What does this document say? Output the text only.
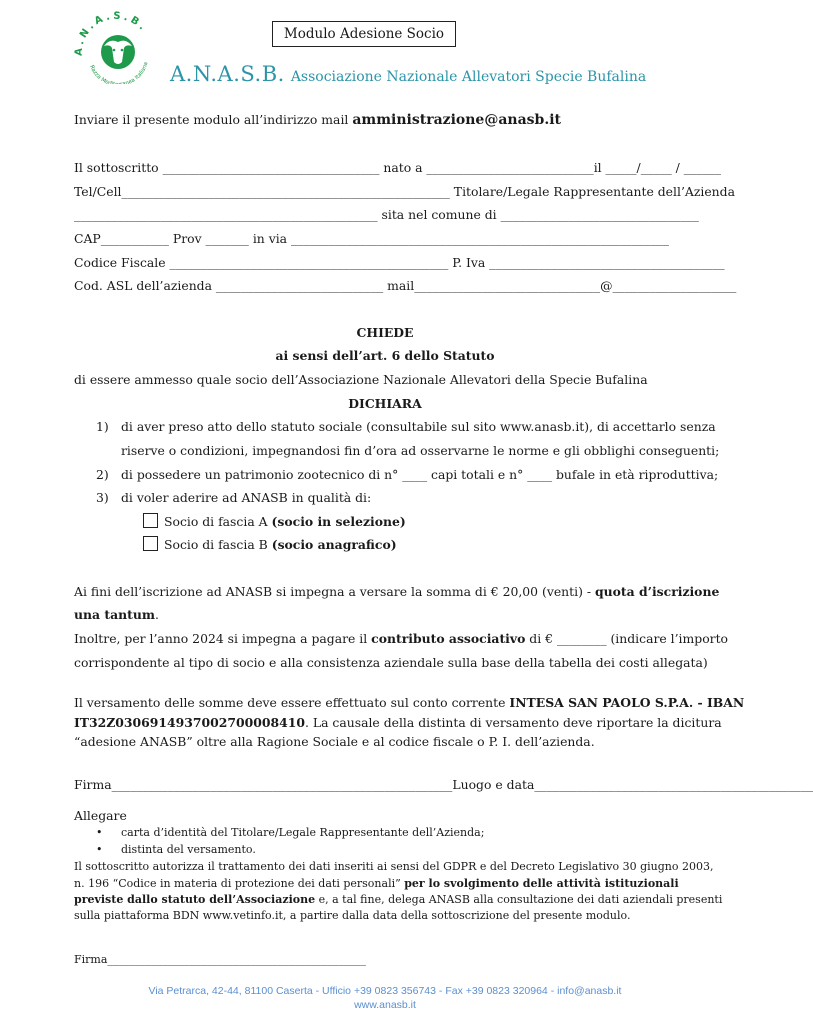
Modulo Adesione Socio
A.N.A.S.B.
Razza Med nea Italiana A.N.A.S.B. Associazione Nazionale Allevatori Specie Bufalina
Inviare il presente modulo all’indirizzo mail amministrazione@anasb.it
Il sottoscritto ___________________________________ nato a ___________________________il _____/_____ / ______
Tel/Cell_____________________________________________________ Titolare/Legale Rappresentante dell’Azienda
_________________________________________________ sita nel comune di ________________________________
CAP___________ Prov _______ in via _____________________________________________________________
Codice Fiscale _____________________________________________ P. Iva ______________________________________
Cod. ASL dell’azienda ___________________________ mail______________________________@____________________
CHIEDE
ai sensi dell’art. 6 dello Statuto
di essere ammesso quale socio dell’Associazione Nazionale Allevatori della Specie Bufalina
DICHIARA
1) di aver preso atto dello statuto sociale (consultabile sul sito www.anasb.it), di accettarlo senza
riserve o condizioni, impegnandosi fin d’ora ad osservarne le norme e gli obblighi conseguenti;
2) di possedere un patrimonio zootecnico di n° ____ capi totali e n° ____ bufale in età riproduttiva;
3) di voler aderire ad ANASB in qualità di:
Socio di fascia A (socio in selezione)
Socio di fascia B (socio anagrafico)
Ai fini dell’iscrizione ad ANASB si impegna a versare la somma di € 20,00 (venti) - quota d’iscrizione
una tantum.
Inoltre, per l’anno 2024 si impegna a pagare il contributo associativo di € ________ (indicare l’importo
corrispondente al tipo di socio e alla consistenza aziendale sulla base della tabella dei costi allegata)
Il versamento delle somme deve essere effettuato sul conto corrente INTESA SAN PAOLO S.P.A. - IBAN
IT32Z0306914937002700008410. La causale della distinta di versamento deve riportare la dicitura
“adesione ANASB” oltre alla Ragione Sociale e al codice fiscale o P. I. dell’azienda.
Firma_______________________________________________________ Luogo e data_____________________________________________
Allegare
• carta d’identità del Titolare/Legale Rappresentante dell’Azienda;
• distinta del versamento.
Il sottoscritto autorizza il trattamento dei dati inseriti ai sensi del GDPR e del Decreto Legislativo 30 giugno 2003,
n. 196 “Codice in materia di protezione dei dati personali” per lo svolgimento delle attività istituzionali
previste dallo statuto dell’Associazione e, a tal fine, delega ANASB alla consultazione dei dati aziendali presenti
sulla piattaforma BDN www.vetinfo.it, a partire dalla data della sottoscrizione del presente modulo.
Firma_______________________________________________
Via Petrarca, 42-44, 81100 Caserta - Ufficio +39 0823 356743 - Fax +39 0823 320964 - info@anasb.it
www.anasb.it
